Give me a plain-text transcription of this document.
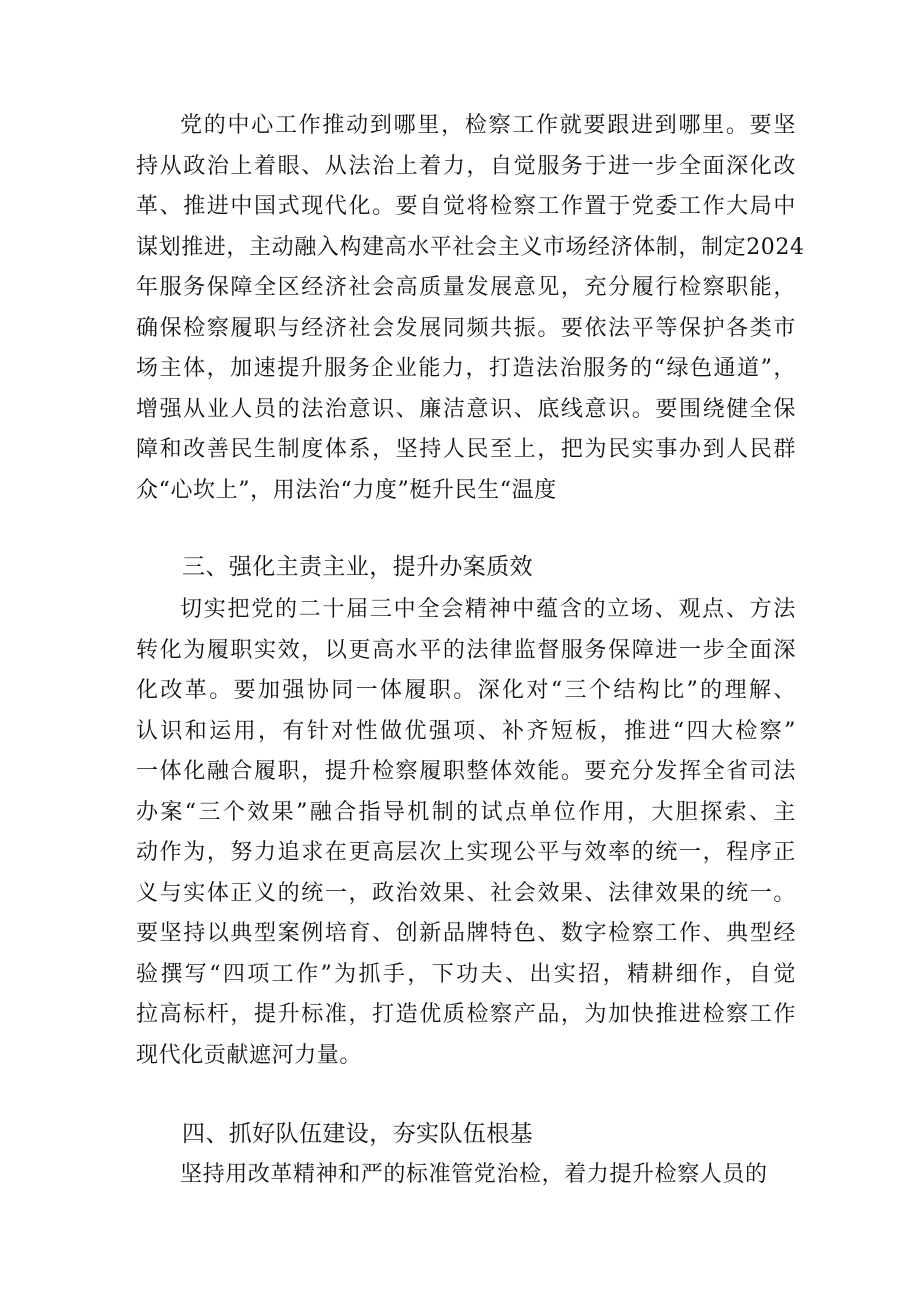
党的中心工作推动到哪里，检察工作就要跟进到哪里。要坚
持从政治上着眼、从法治上着力，自觉服务于进一步全面深化改
革、推进中国式现代化。要自觉将检察工作置于党委工作大局中
谋划推进，主动融入构建高水平社会主义市场经济体制，制定2024
年服务保障全区经济社会高质量发展意见，充分履行检察职能，
确保检察履职与经济社会发展同频共振。要依法平等保护各类市
场主体，加速提升服务企业能力，打造法治服务的“绿色通道”，
增强从业人员的法治意识、廉洁意识、底线意识。要围绕健全保
障和改善民生制度体系，坚持人民至上，把为民实事办到人民群
众“心坎上”，用法治“力度”梃升民生“温度
三、强化主责主业，提升办案质效
切实把党的二十届三中全会精神中蕴含的立场、观点、方法
转化为履职实效，以更高水平的法律监督服务保障进一步全面深
化改革。要加强协同一体履职。深化对“三个结构比”的理解、
认识和运用，有针对性做优强项、补齐短板，推进“四大检察”
一体化融合履职，提升检察履职整体效能。要充分发挥全省司法
办案“三个效果”融合指导机制的试点单位作用，大胆探索、主
动作为，努力追求在更高层次上实现公平与效率的统一，程序正
义与实体正义的统一，政治效果、社会效果、法律效果的统一。
要坚持以典型案例培育、创新品牌特色、数字检察工作、典型经
验撰写“四项工作”为抓手，下功夫、出实招，精耕细作，自觉
拉高标杆，提升标准，打造优质检察产品，为加快推进检察工作
现代化贡献遮河力量。
四、抓好队伍建设，夯实队伍根基
坚持用改革精神和严的标准管党治检，着力提升检察人员的
